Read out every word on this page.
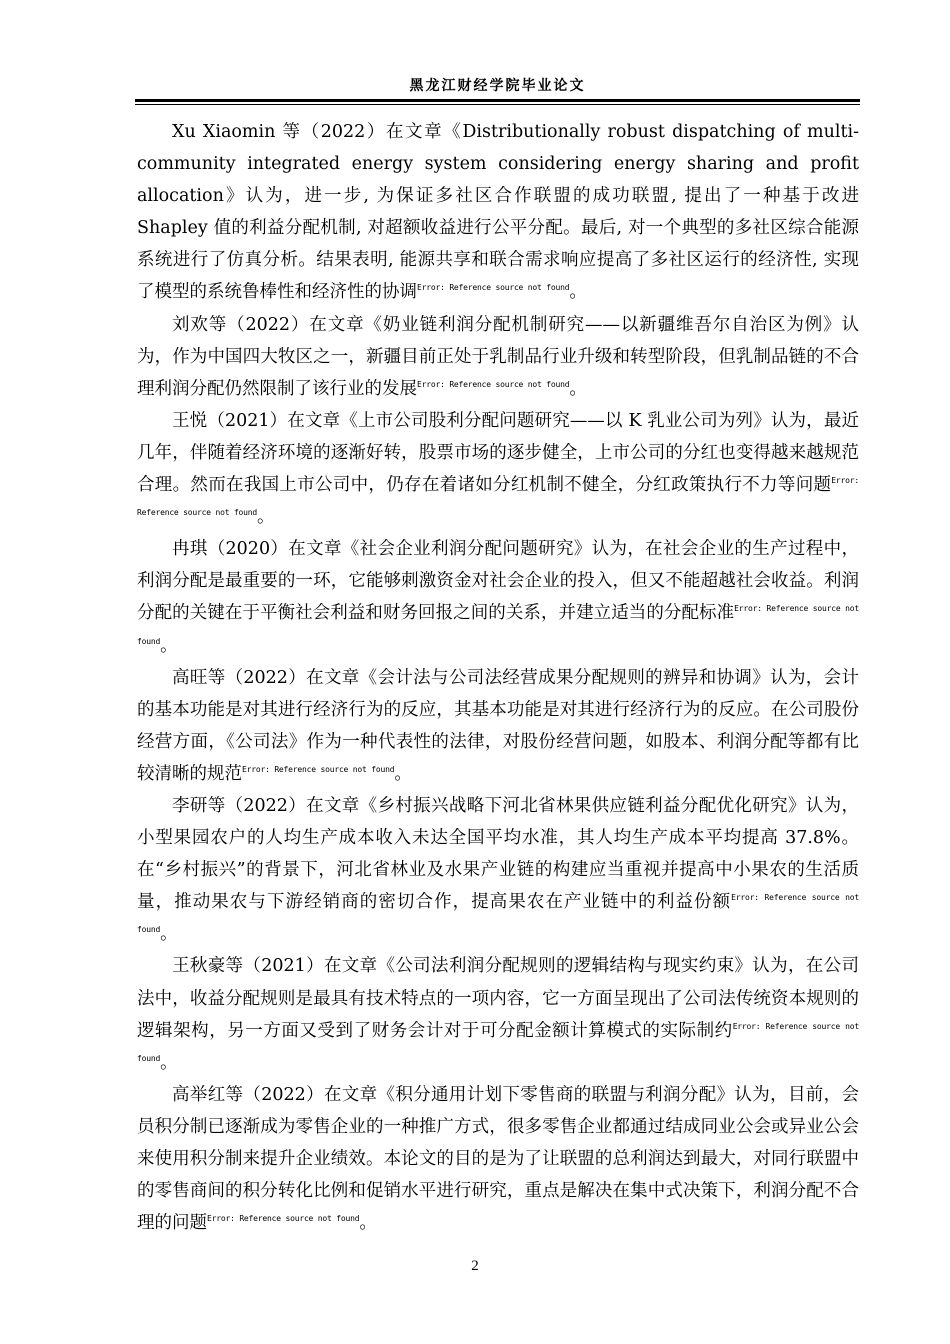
黑龙江财经学院毕业论文

Xu Xiaomin 等（2022）在文章《Distributionally robust dispatching of multi-community integrated energy system considering energy sharing and profit allocation》认为，进一步, 为保证多社区合作联盟的成功联盟, 提出了一种基于改进 Shapley 值的利益分配机制, 对超额收益进行公平分配。最后, 对一个典型的多社区综合能源系统进行了仿真分析。结果表明, 能源共享和联合需求响应提高了多社区运行的经济性, 实现了模型的系统鲁棒性和经济性的协调$^{Error: Reference source not found}$。

刘欢等（2022）在文章《奶业链利润分配机制研究——以新疆维吾尔自治区为例》认为，作为中国四大牧区之一，新疆目前正处于乳制品行业升级和转型阶段，但乳制品链的不合理利润分配仍然限制了该行业的发展$^{Error: Reference source not found}$。

王悦（2021）在文章《上市公司股利分配问题研究——以 K 乳业公司为列》认为，最近几年，伴随着经济环境的逐渐好转，股票市场的逐步健全，上市公司的分红也变得越来越规范合理。然而在我国上市公司中，仍存在着诸如分红机制不健全，分红政策执行不力等问题$^{Error: Reference source not found}$。

冉琪（2020）在文章《社会企业利润分配问题研究》认为，在社会企业的生产过程中，利润分配是最重要的一环，它能够刺激资金对社会企业的投入，但又不能超越社会收益。利润分配的关键在于平衡社会利益和财务回报之间的关系，并建立适当的分配标准$^{Error: Reference source not found}$。

高旺等（2022）在文章《会计法与公司法经营成果分配规则的辨异和协调》认为，会计的基本功能是对其进行经济行为的反应，其基本功能是对其进行经济行为的反应。在公司股份经营方面，《公司法》作为一种代表性的法律，对股份经营问题，如股本、利润分配等都有比较清晰的规范$^{Error: Reference source not found}$。

李研等（2022）在文章《乡村振兴战略下河北省林果供应链利益分配优化研究》认为，小型果园农户的人均生产成本收入未达全国平均水准，其人均生产成本平均提高 37.8%。在“乡村振兴”的背景下，河北省林业及水果产业链的构建应当重视并提高中小果农的生活质量，推动果农与下游经销商的密切合作，提高果农在产业链中的利益份额$^{Error: Reference source not found}$。

王秋豪等（2021）在文章《公司法利润分配规则的逻辑结构与现实约束》认为，在公司法中，收益分配规则是最具有技术特点的一项内容，它一方面呈现出了公司法传统资本规则的逻辑架构，另一方面又受到了财务会计对于可分配金额计算模式的实际制约$^{Error: Reference source not found}$。

高举红等（2022）在文章《积分通用计划下零售商的联盟与利润分配》认为，目前，会员积分制已逐渐成为零售企业的一种推广方式，很多零售企业都通过结成同业公会或异业公会来使用积分制来提升企业绩效。本论文的目的是为了让联盟的总利润达到最大，对同行联盟中的零售商间的积分转化比例和促销水平进行研究，重点是解决在集中式决策下，利润分配不合理的问题$^{Error: Reference source not found}$。

2
